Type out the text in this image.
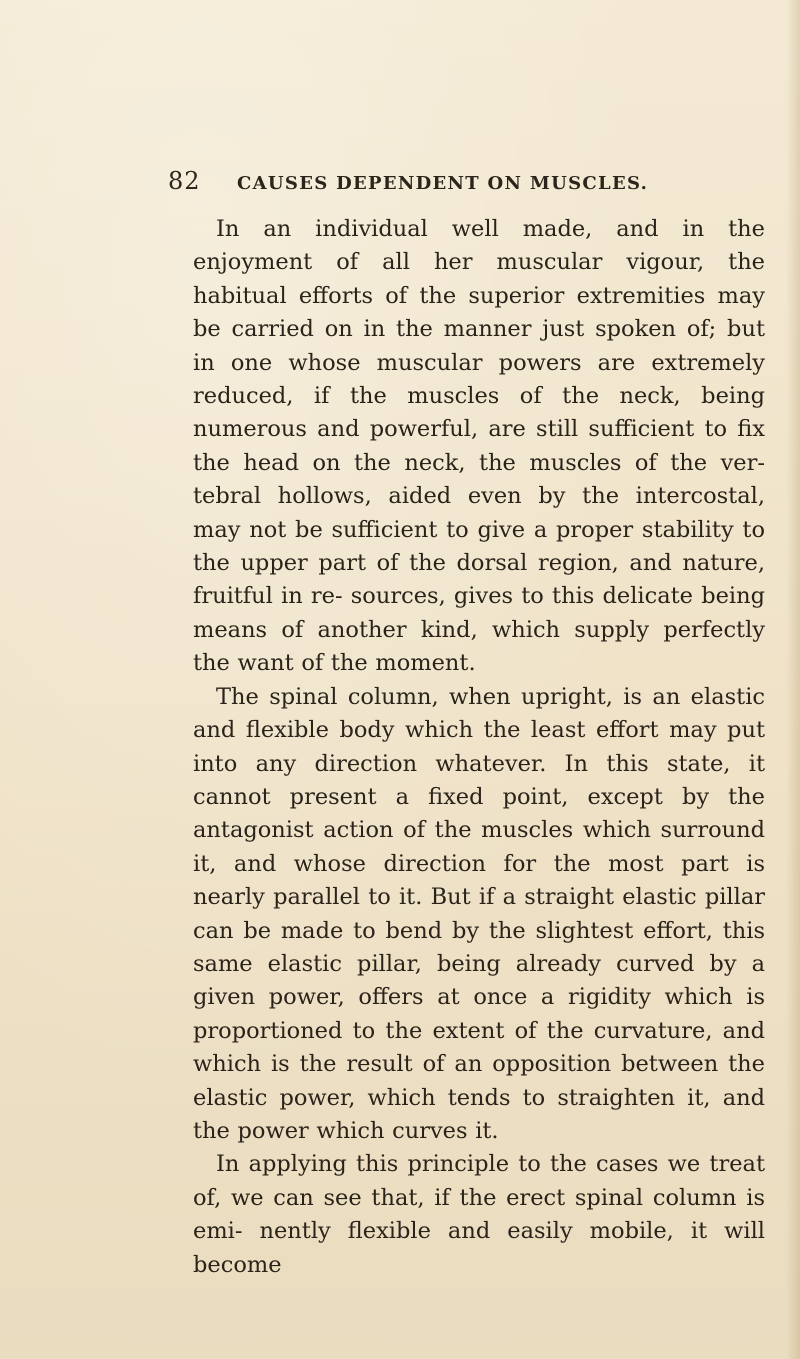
82 CAUSES DEPENDENT ON MUSCLES.

In an individual well made, and in the enjoyment of all her muscular vigour, the habitual efforts of the superior extremities may be carried on in the manner just spoken of; but in one whose muscular powers are extremely reduced, if the muscles of the neck, being numerous and powerful, are still sufficient to fix the head on the neck, the muscles of the ver- tebral hollows, aided even by the intercostal, may not be sufficient to give a proper stability to the upper part of the dorsal region, and nature, fruitful in re- sources, gives to this delicate being means of another kind, which supply perfectly the want of the moment.

The spinal column, when upright, is an elastic and flexible body which the least effort may put into any direction whatever. In this state, it cannot present a fixed point, except by the antagonist action of the muscles which surround it, and whose direction for the most part is nearly parallel to it. But if a straight elastic pillar can be made to bend by the slightest effort, this same elastic pillar, being already curved by a given power, offers at once a rigidity which is proportioned to the extent of the curvature, and which is the result of an opposition between the elastic power, which tends to straighten it, and the power which curves it.

In applying this principle to the cases we treat of, we can see that, if the erect spinal column is emi- nently flexible and easily mobile, it will become
